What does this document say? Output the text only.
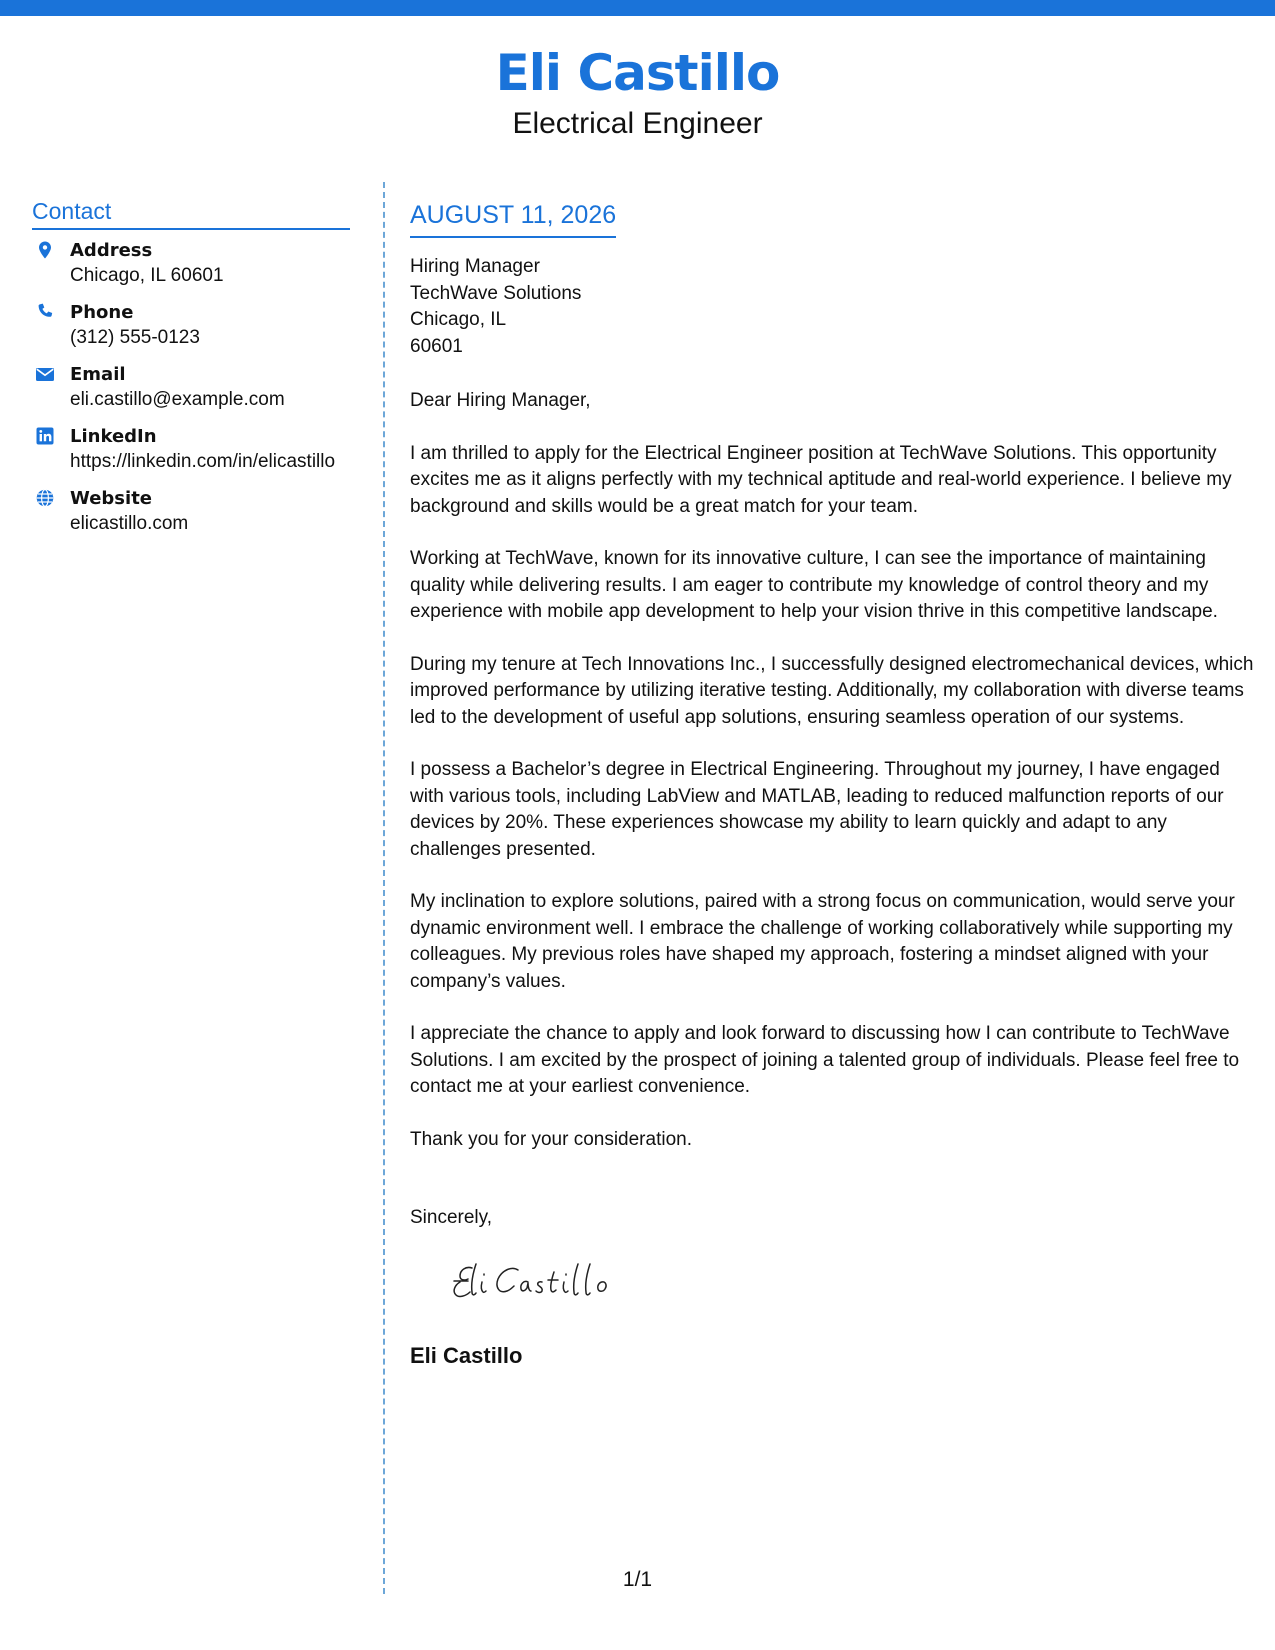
Eli Castillo
Electrical Engineer
Contact
Address
Chicago, IL 60601
Phone
(312) 555-0123
Email
eli.castillo@example.com
LinkedIn
https://linkedin.com/in/elicastillo
Website
elicastillo.com
AUGUST 11, 2026
Hiring Manager
TechWave Solutions
Chicago, IL
60601
Dear Hiring Manager,
I am thrilled to apply for the Electrical Engineer position at TechWave Solutions. This opportunity excites me as it aligns perfectly with my technical aptitude and real-world experience. I believe my background and skills would be a great match for your team.
Working at TechWave, known for its innovative culture, I can see the importance of maintaining quality while delivering results. I am eager to contribute my knowledge of control theory and my experience with mobile app development to help your vision thrive in this competitive landscape.
During my tenure at Tech Innovations Inc., I successfully designed electromechanical devices, which improved performance by utilizing iterative testing. Additionally, my collaboration with diverse teams led to the development of useful app solutions, ensuring seamless operation of our systems.
I possess a Bachelor’s degree in Electrical Engineering. Throughout my journey, I have engaged with various tools, including LabView and MATLAB, leading to reduced malfunction reports of our devices by 20%. These experiences showcase my ability to learn quickly and adapt to any challenges presented.
My inclination to explore solutions, paired with a strong focus on communication, would serve your dynamic environment well. I embrace the challenge of working collaboratively while supporting my colleagues. My previous roles have shaped my approach, fostering a mindset aligned with your company’s values.
I appreciate the chance to apply and look forward to discussing how I can contribute to TechWave Solutions. I am excited by the prospect of joining a talented group of individuals. Please feel free to contact me at your earliest convenience.
Thank you for your consideration.
Sincerely,
Eli Castillo
1/1
